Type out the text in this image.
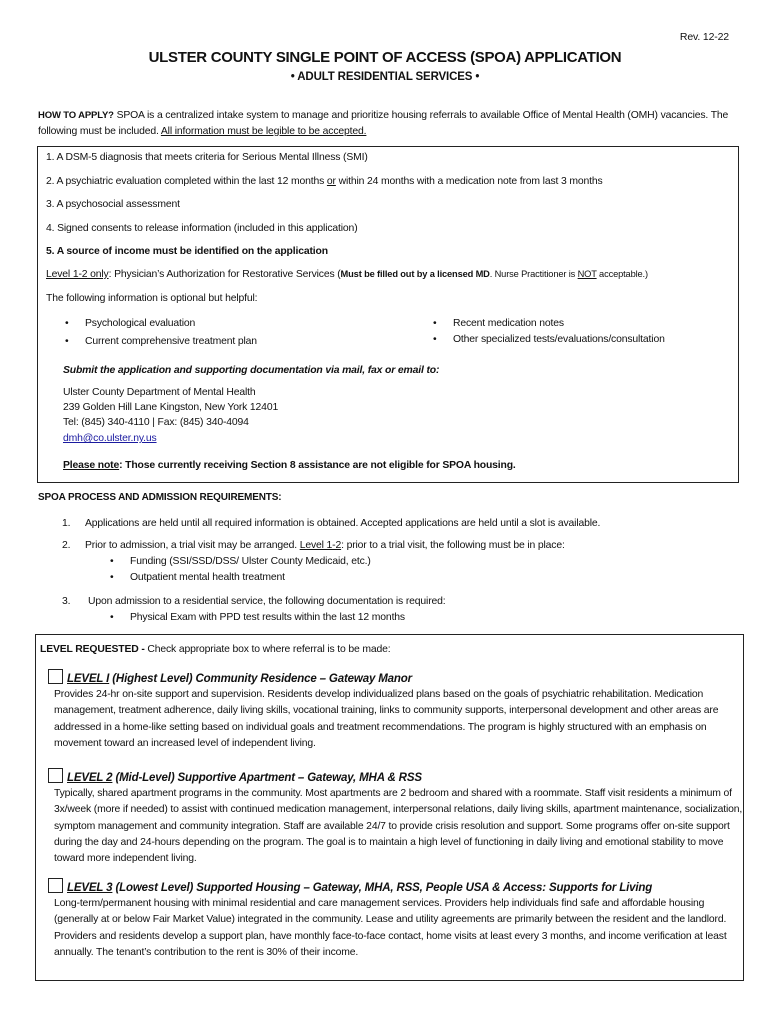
Rev. 12-22
ULSTER COUNTY SINGLE POINT OF ACCESS (SPOA) APPLICATION
• ADULT RESIDENTIAL SERVICES •
HOW TO APPLY? SPOA is a centralized intake system to manage and prioritize housing referrals to available Office of Mental Health (OMH) vacancies. The following must be included. All information must be legible to be accepted.
1. A DSM-5 diagnosis that meets criteria for Serious Mental Illness (SMI)
2. A psychiatric evaluation completed within the last 12 months or within 24 months with a medication note from last 3 months
3. A psychosocial assessment
4. Signed consents to release information (included in this application)
5. A source of income must be identified on the application
Level 1-2 only: Physician’s Authorization for Restorative Services (Must be filled out by a licensed MD. Nurse Practitioner is NOT acceptable.)
The following information is optional but helpful:
• Psychological evaluation
• Current comprehensive treatment plan
• Recent medication notes
• Other specialized tests/evaluations/consultation
Submit the application and supporting documentation via mail, fax or email to:
Ulster County Department of Mental Health
239 Golden Hill Lane Kingston, New York 12401
Tel: (845) 340-4110 | Fax: (845) 340-4094
dmh@co.ulster.ny.us
Please note: Those currently receiving Section 8 assistance are not eligible for SPOA housing.
SPOA PROCESS AND ADMISSION REQUIREMENTS:
1. Applications are held until all required information is obtained. Accepted applications are held until a slot is available.
2. Prior to admission, a trial visit may be arranged. Level 1-2: prior to a trial visit, the following must be in place:
• Funding (SSI/SSD/DSS/ Ulster County Medicaid, etc.)
• Outpatient mental health treatment
3. Upon admission to a residential service, the following documentation is required:
• Physical Exam with PPD test results within the last 12 months
LEVEL REQUESTED - Check appropriate box to where referral is to be made:
LEVEL I (Highest Level) Community Residence – Gateway Manor
Provides 24-hr on-site support and supervision. Residents develop individualized plans based on the goals of psychiatric rehabilitation. Medication management, treatment adherence, daily living skills, vocational training, links to community supports, interpersonal development and other areas are addressed in a home-like setting based on individual goals and treatment recommendations. The program is highly structured with an emphasis on movement toward an increased level of independent living.
LEVEL 2 (Mid-Level) Supportive Apartment – Gateway, MHA & RSS
Typically, shared apartment programs in the community. Most apartments are 2 bedroom and shared with a roommate. Staff visit residents a minimum of 3x/week (more if needed) to assist with continued medication management, interpersonal relations, daily living skills, apartment maintenance, socialization, symptom management and community integration. Staff are available 24/7 to provide crisis resolution and support. Some programs offer on-site support during the day and 24-hours depending on the program. The goal is to maintain a high level of functioning in daily living and emotional stability to move toward more independent living.
LEVEL 3 (Lowest Level) Supported Housing – Gateway, MHA, RSS, People USA & Access: Supports for Living
Long-term/permanent housing with minimal residential and care management services. Providers help individuals find safe and affordable housing (generally at or below Fair Market Value) integrated in the community. Lease and utility agreements are primarily between the resident and the landlord. Providers and residents develop a support plan, have monthly face-to-face contact, home visits at least every 3 months, and income verification at least annually. The tenant’s contribution to the rent is 30% of their income.
